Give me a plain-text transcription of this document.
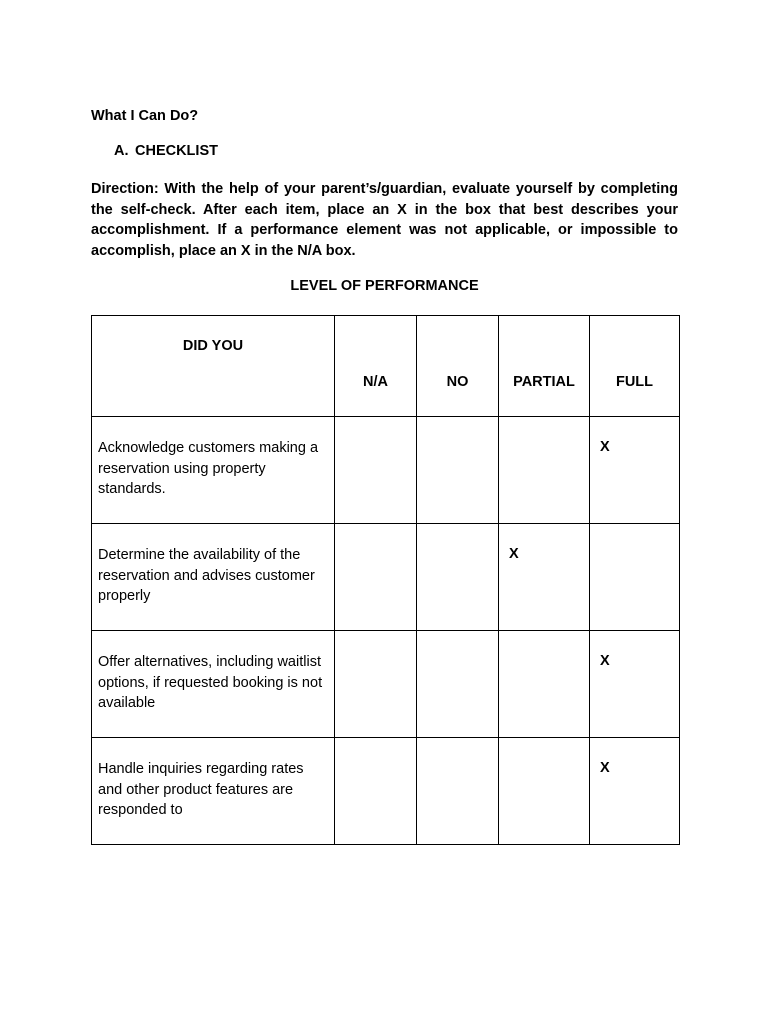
What I Can Do?
A. CHECKLIST
Direction: With the help of your parent’s/guardian, evaluate yourself by completing the self-check. After each item, place an X in the box that best describes your accomplishment. If a performance element was not applicable, or impossible to accomplish, place an X in the N/A box.
LEVEL OF PERFORMANCE
DID YOU	N/A	NO	PARTIAL	FULL

Acknowledge customers making a reservation using property standards.				X

Determine the availability of the reservation and advises customer properly			X	

Offer alternatives, including waitlist options, if requested booking is not available				X

Handle inquiries regarding rates and other product features are responded to				X
